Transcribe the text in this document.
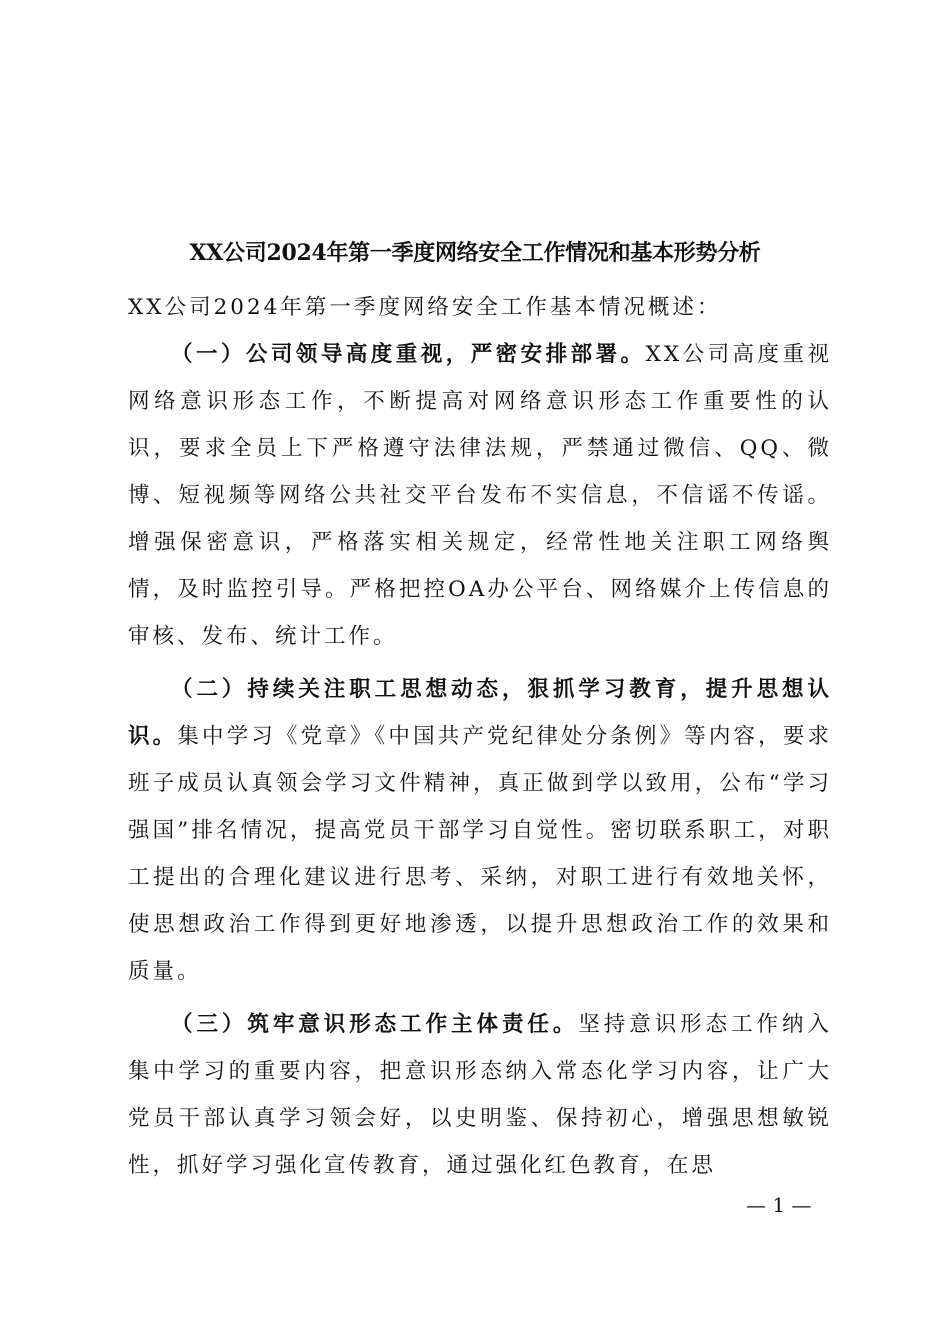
XX公司2024年第一季度网络安全工作情况和基本形势分析

XX公司2024年第一季度网络安全工作基本情况概述：

（一）公司领导高度重视，严密安排部署。XX公司高度重视网络意识形态工作，不断提高对网络意识形态工作重要性的认识，要求全员上下严格遵守法律法规，严禁通过微信、QQ、微博、短视频等网络公共社交平台发布不实信息，不信谣不传谣。增强保密意识，严格落实相关规定，经常性地关注职工网络舆情，及时监控引导。严格把控OA办公平台、网络媒介上传信息的审核、发布、统计工作。

（二）持续关注职工思想动态，狠抓学习教育，提升思想认识。集中学习《党章》《中国共产党纪律处分条例》等内容，要求班子成员认真领会学习文件精神，真正做到学以致用，公布“学习强国”排名情况，提高党员干部学习自觉性。密切联系职工，对职工提出的合理化建议进行思考、采纳，对职工进行有效地关怀，使思想政治工作得到更好地渗透，以提升思想政治工作的效果和质量。

（三）筑牢意识形态工作主体责任。坚持意识形态工作纳入集中学习的重要内容，把意识形态纳入常态化学习内容，让广大党员干部认真学习领会好，以史明鉴、保持初心，增强思想敏锐性，抓好学习强化宣传教育，通过强化红色教育，在思

— 1 —
